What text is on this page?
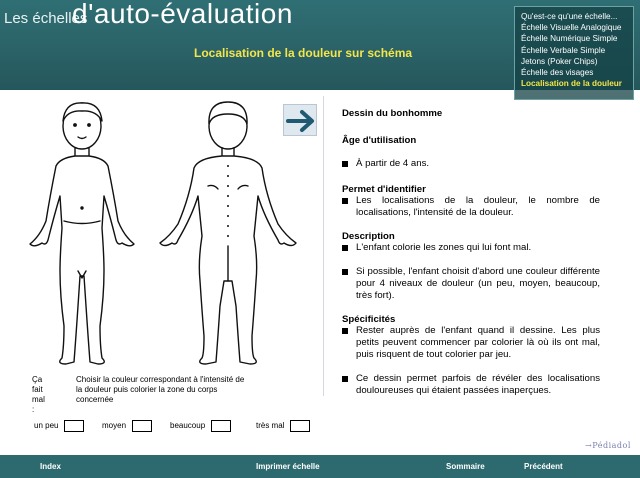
Les échelles
d'auto-évaluation
Localisation de la douleur sur schéma
Qu'est-ce qu'une échelle...
Échelle Visuelle Analogique
Échelle Numérique Simple
Échelle Verbale Simple
Jetons (Poker Chips)
Échelle des visages
Localisation de la douleur
Ça fait mal :
Choisir la couleur correspondant à l'intensité de la douleur puis colorier la zone du corps concernée
un peu	moyen	beaucoup	très mal
Dessin du bonhomme
Âge d'utilisation
À partir de 4 ans.
Permet d'identifier
Les localisations de la douleur, le nombre de localisations, l'intensité de la douleur.
Description
L'enfant colorie les zones qui lui font mal.
Si possible, l'enfant choisit d'abord une couleur différente pour 4 niveaux de douleur (un peu, moyen, beaucoup, très fort).
Spécificités
Rester auprès de l'enfant quand il dessine. Les plus petits peuvent commencer par colorier là où ils ont mal, puis risquent de tout colorier par jeu.
Ce dessin permet parfois de révéler des localisations douloureuses qui étaient passées inaperçues.
→Pédiadol
Index	Imprimer échelle	Sommaire	Précédent
